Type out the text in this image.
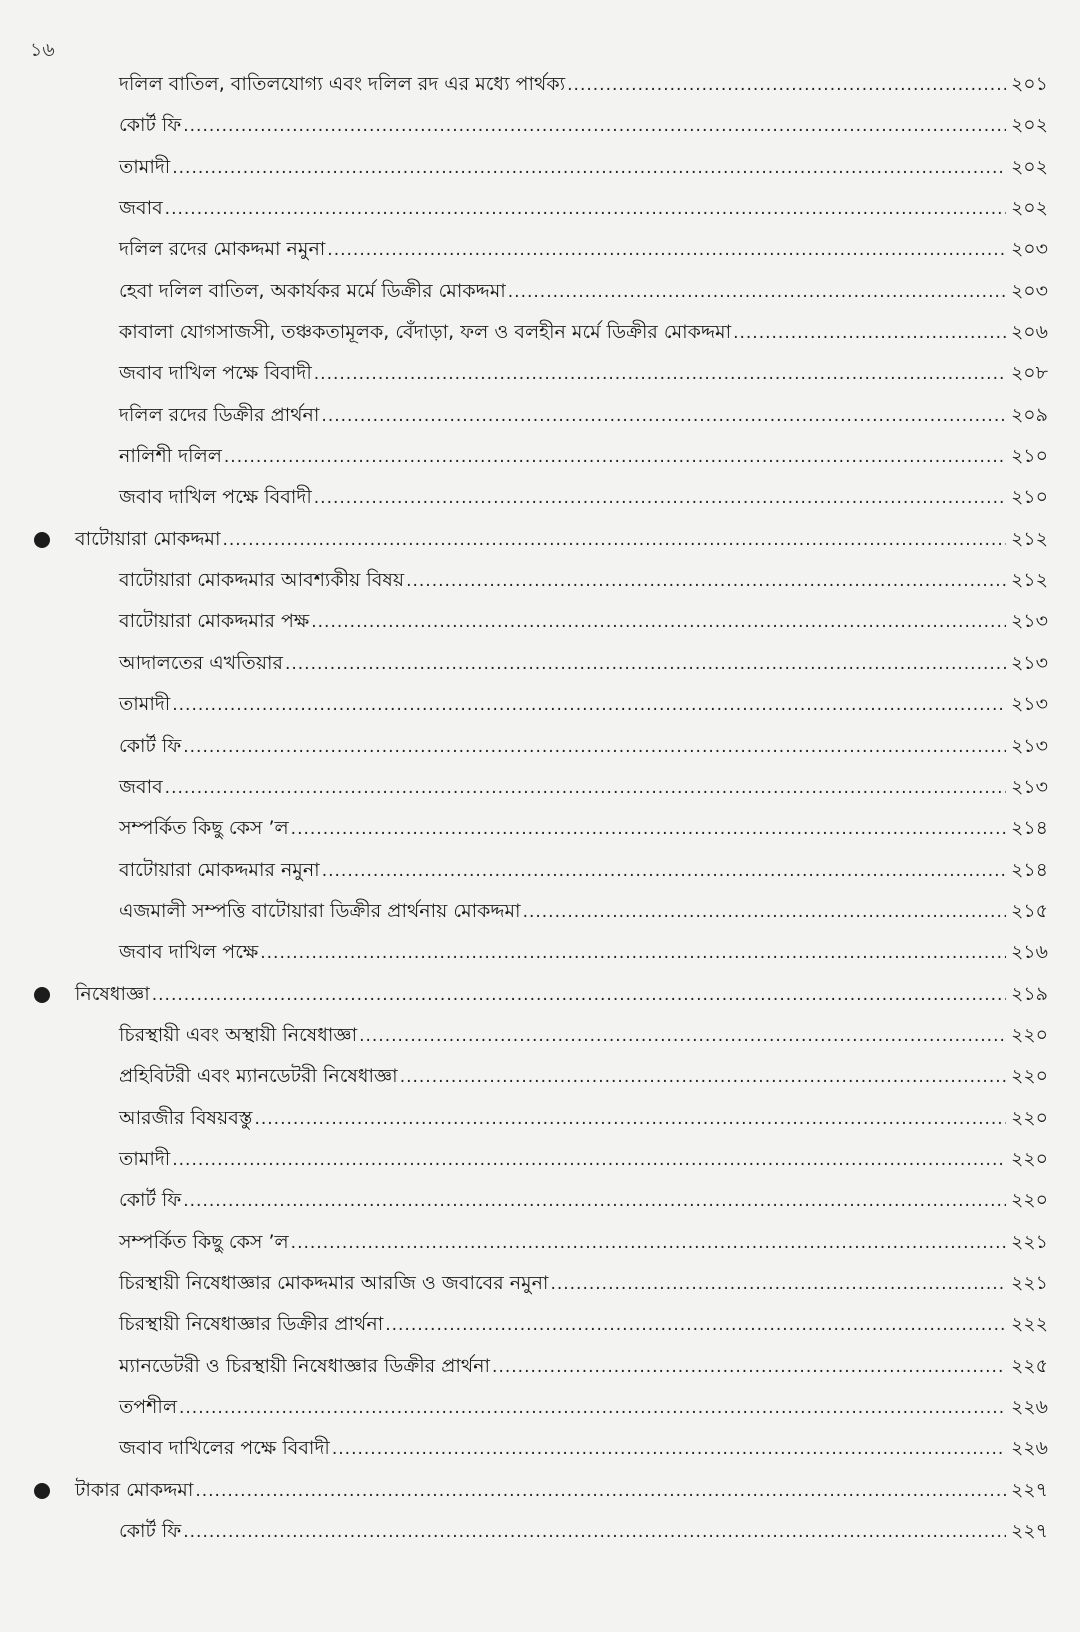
১৬
দলিল বাতিল, বাতিলযোগ্য এবং দলিল রদ এর মধ্যে পার্থক্য .....	২০১
কোর্ট ফি .....	২০২
তামাদী .....	২০২
জবাব .....	২০২
দলিল রদের মোকদ্দমা নমুনা .....	২০৩
হেবা দলিল বাতিল, অকার্যকর মর্মে ডিক্রীর মোকদ্দমা .....	২০৩
কাবালা যোগসাজসী, তঞ্চকতামূলক, বেঁদাড়া, ফল ও বলহীন মর্মে ডিক্রীর মোকদ্দমা .....	২০৬
জবাব দাখিল পক্ষে বিবাদী .....	২০৮
দলিল রদের ডিক্রীর প্রার্থনা .....	২০৯
নালিশী দলিল .....	২১০
জবাব দাখিল পক্ষে বিবাদী .....	২১০
বাটোয়ারা মোকদ্দমা .....	২১২
বাটোয়ারা মোকদ্দমার আবশ্যকীয় বিষয় .....	২১২
বাটোয়ারা মোকদ্দমার পক্ষ .....	২১৩
আদালতের এখতিয়ার .....	২১৩
তামাদী .....	২১৩
কোর্ট ফি .....	২১৩
জবাব .....	২১৩
সম্পর্কিত কিছু কেস ’ল .....	২১৪
বাটোয়ারা মোকদ্দমার নমুনা .....	২১৪
এজমালী সম্পত্তি বাটোয়ারা ডিক্রীর প্রার্থনায় মোকদ্দমা .....	২১৫
জবাব দাখিল পক্ষে .....	২১৬
নিষেধাজ্ঞা .....	২১৯
চিরস্থায়ী এবং অস্থায়ী নিষেধাজ্ঞা .....	২২০
প্রহিবিটরী এবং ম্যানডেটরী নিষেধাজ্ঞা .....	২২০
আরজীর বিষয়বস্তু .....	২২০
তামাদী .....	২২০
কোর্ট ফি .....	২২০
সম্পর্কিত কিছু কেস ’ল .....	২২১
চিরস্থায়ী নিষেধাজ্ঞার মোকদ্দমার আরজি ও জবাবের নমুনা .....	২২১
চিরস্থায়ী নিষেধাজ্ঞার ডিক্রীর প্রার্থনা .....	২২২
ম্যানডেটরী ও চিরস্থায়ী নিষেধাজ্ঞার ডিক্রীর প্রার্থনা .....	২২৫
তপশীল .....	২২৬
জবাব দাখিলের পক্ষে বিবাদী .....	২২৬
টাকার মোকদ্দমা .....	২২৭
কোর্ট ফি .....	২২৭
